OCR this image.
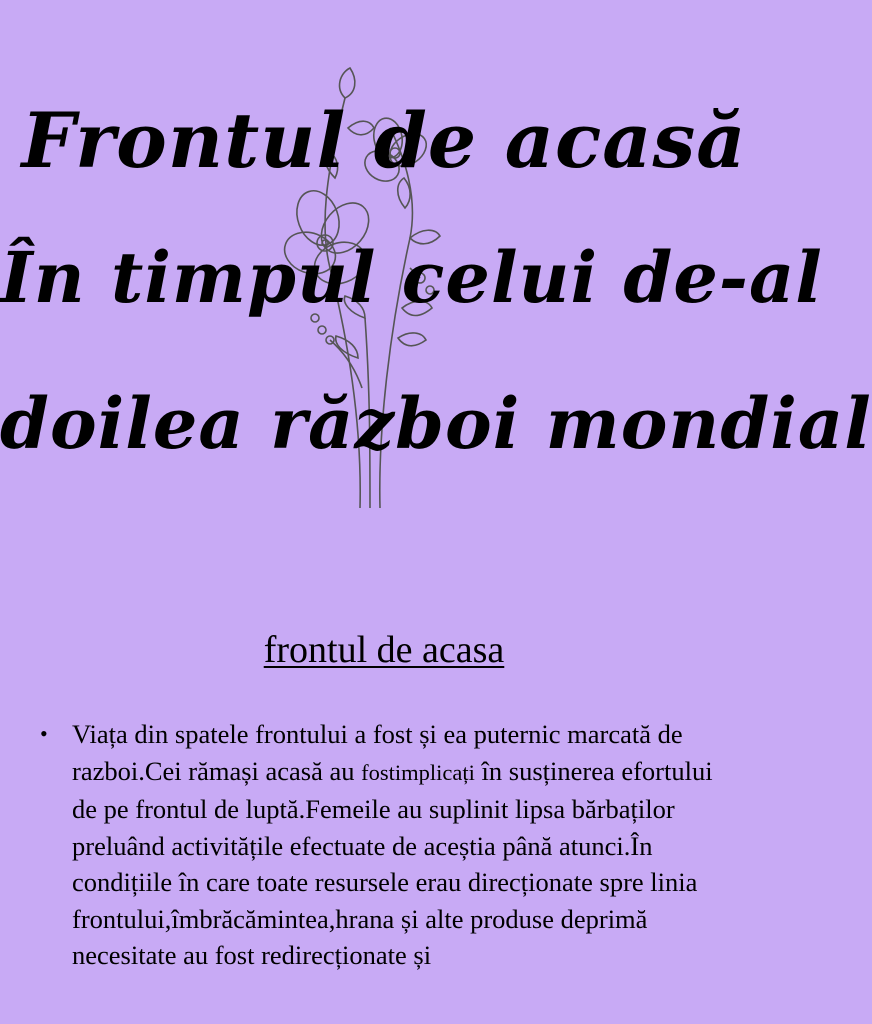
Frontul de acasă
În timpul celui de-al
doilea război mondial
frontul de acasa
• Viața din spatele frontului a fost și ea puternic marcată de razboi.Cei rămași acasă au fostimplicați în susținerea efortului de pe frontul de luptă.Femeile au suplinit lipsa bărbaților preluând activitățile efectuate de aceștia până atunci.În condițiile în care toate resursele erau direcționate spre linia frontului,îmbrăcămintea,hrana și alte produse deprimă necesitate au fost redirecționate și
